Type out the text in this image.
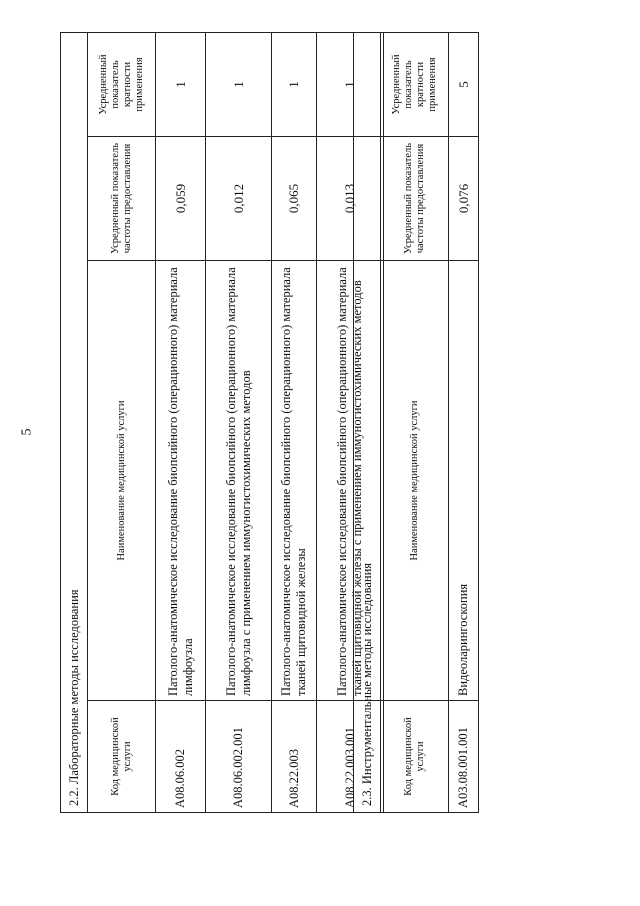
5
2.2. Лабораторные методы исследования			
Код медицинской услуги	Наименование медицинской услуги	Усредненный показатель частоты предоставления	Усредненный показатель кратности применения
A08.06.002	Патолого-анатомическое исследование биопсийного (операционного) материала лимфоузла	0,059	1
A08.06.002.001	Патолого-анатомическое исследование биопсийного (операционного) материала лимфоузла с применением иммуногистохимических методов	0,012	1
A08.22.003	Патолого-анатомическое исследование биопсийного (операционного) материала тканей щитовидной железы	0,065	1
A08.22.003.001	Патолого-анатомическое исследование биопсийного (операционного) материала тканей щитовидной железы с применением иммуногистохимических методов	0,013	1
2.3. Инструментальные методы исследования			
Код медицинской услуги	Наименование медицинской услуги	Усредненный показатель частоты предоставления	Усредненный показатель кратности применения
A03.08.001.001	Видеоларингоскопия	0,076	5
